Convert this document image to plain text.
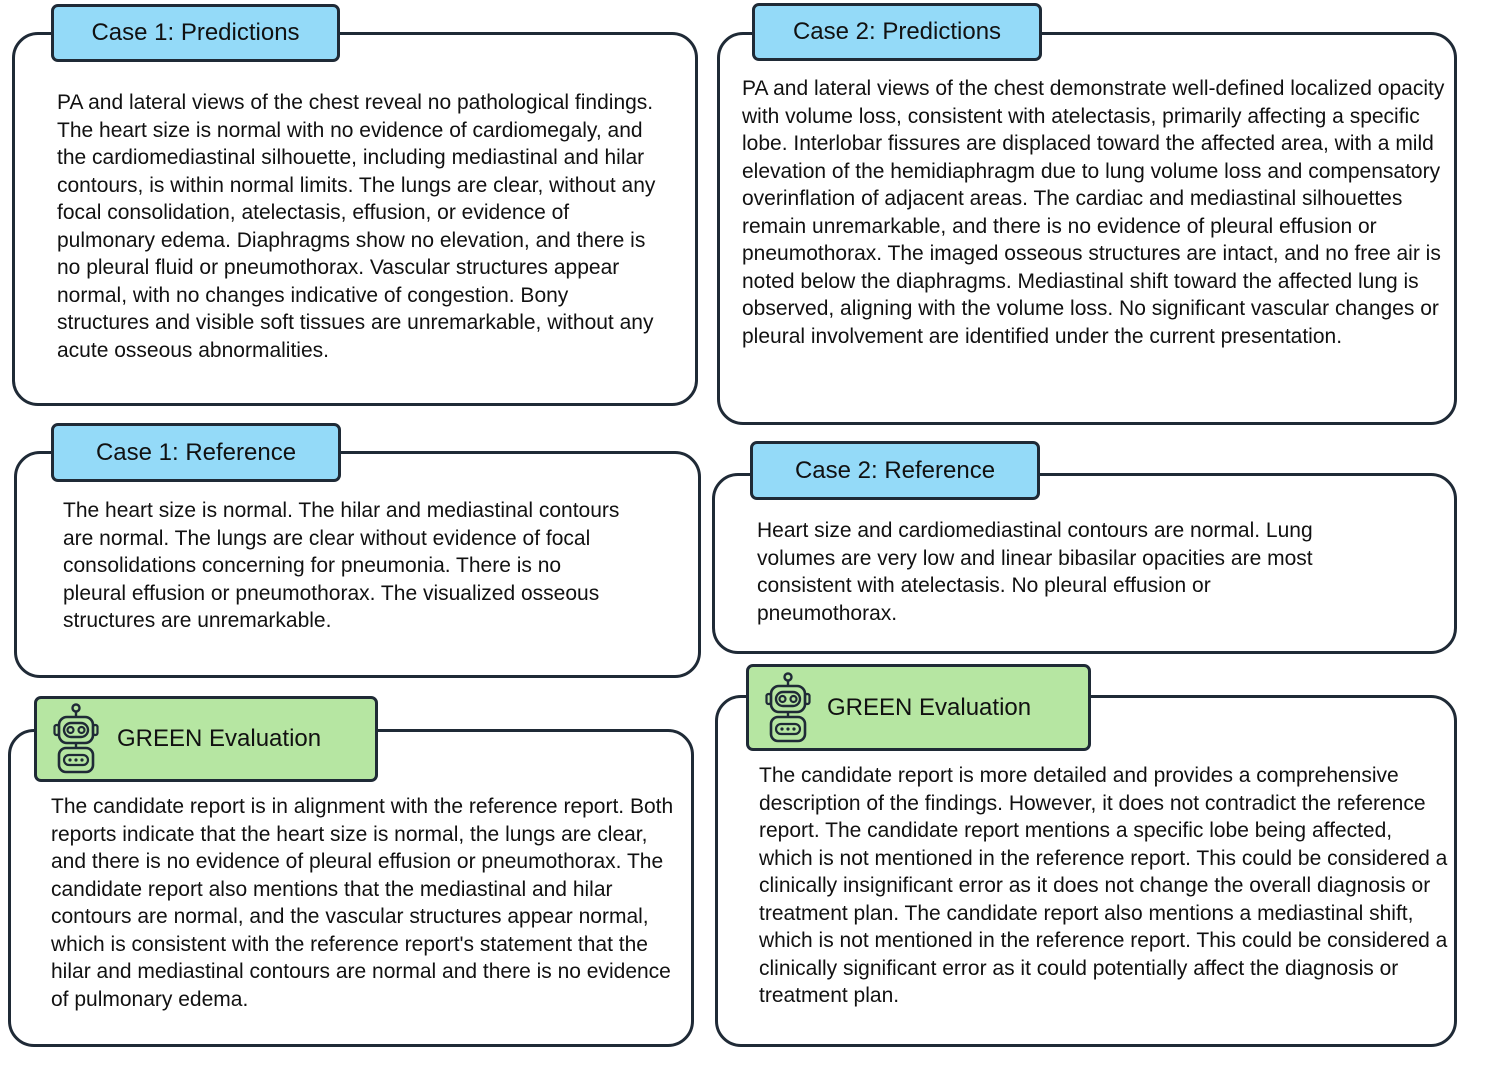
PA and lateral views of the chest reveal no pathological findings. The heart size is normal with no evidence of cardiomegaly, and the cardiomediastinal silhouette, including mediastinal and hilar contours, is within normal limits. The lungs are clear, without any focal consolidation, atelectasis, effusion, or evidence of pulmonary edema. Diaphragms show no elevation, and there is no pleural fluid or pneumothorax. Vascular structures appear normal, with no changes indicative of congestion. Bony structures and visible soft tissues are unremarkable, without any acute osseous abnormalities.

Case 1: Predictions

The heart size is normal. The hilar and mediastinal contours are normal. The lungs are clear without evidence of focal consolidations concerning for pneumonia. There is no pleural effusion or pneumothorax. The visualized osseous structures are unremarkable.

Case 1: Reference

The candidate report is in alignment with the reference report. Both reports indicate that the heart size is normal, the lungs are clear, and there is no evidence of pleural effusion or pneumothorax. The candidate report also mentions that the mediastinal and hilar contours are normal, and the vascular structures appear normal, which is consistent with the reference report's statement that the hilar and mediastinal contours are normal and there is no evidence of pulmonary edema.

GREEN Evaluation

PA and lateral views of the chest demonstrate well-defined localized opacity with volume loss, consistent with atelectasis, primarily affecting a specific lobe. Interlobar fissures are displaced toward the affected area, with a mild elevation of the hemidiaphragm due to lung volume loss and compensatory overinflation of adjacent areas. The cardiac and mediastinal silhouettes remain unremarkable, and there is no evidence of pleural effusion or pneumothorax. The imaged osseous structures are intact, and no free air is noted below the diaphragms. Mediastinal shift toward the affected lung is observed, aligning with the volume loss. No significant vascular changes or pleural involvement are identified under the current presentation.

Case 2: Predictions

Heart size and cardiomediastinal contours are normal. Lung volumes are very low and linear bibasilar opacities are most consistent with atelectasis. No pleural effusion or pneumothorax.

Case 2: Reference

The candidate report is more detailed and provides a comprehensive description of the findings. However, it does not contradict the reference report. The candidate report mentions a specific lobe being affected, which is not mentioned in the reference report. This could be considered a clinically insignificant error as it does not change the overall diagnosis or treatment plan. The candidate report also mentions a mediastinal shift, which is not mentioned in the reference report. This could be considered a clinically significant error as it could potentially affect the diagnosis or treatment plan.

GREEN Evaluation
